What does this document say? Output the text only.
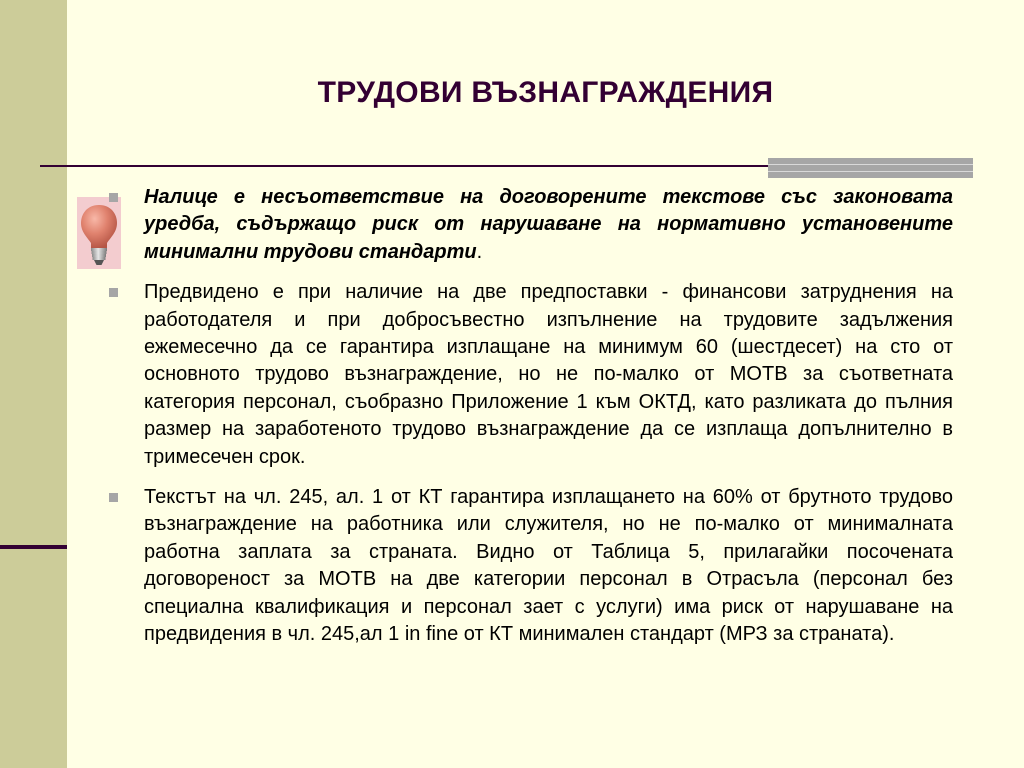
ТРУДОВИ ВЪЗНАГРАЖДЕНИЯ

Налице е несъответствие на договорените текстове със законовата уредба, съдържащо риск от нарушаване на нормативно установените минимални трудови стандарти.

Предвидено е при наличие на две предпоставки - финансови затруднения на работодателя и при добросъвестно изпълнение на трудовите задължения ежемесечно да се гарантира изплащане на минимум 60 (шестдесет) на сто от основното трудово възнаграждение, но не по-малко от МОТВ за съответната категория персонал, съобразно Приложение 1 към ОКТД, като разликата до пълния размер на заработеното трудово възнаграждение да се изплаща допълнително в тримесечен срок.

Текстът на чл. 245, ал. 1 от КТ гарантира изплащането на 60% от брутното трудово възнаграждение на работника или служителя, но не по-малко от минималната работна заплата за страната. Видно от Таблица 5, прилагайки посочената договореност за МОТВ на две категории персонал в Отрасъла (персонал без специална квалификация и персонал зает с услуги) има риск от нарушаване на предвидения в чл. 245,ал 1 in fine от КТ минимален стандарт (МРЗ за страната).
